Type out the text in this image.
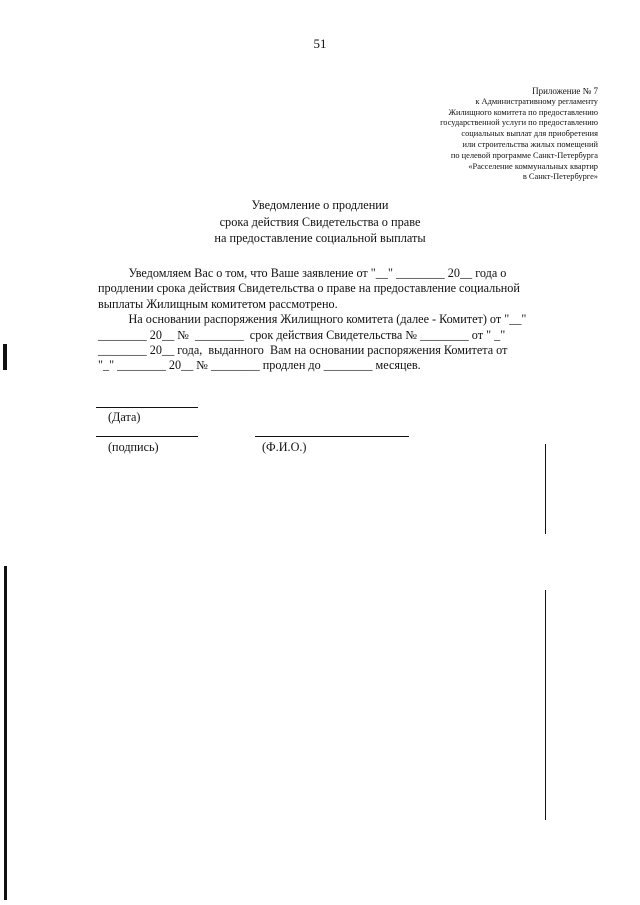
51
Приложение № 7
к Административному регламенту
Жилищного комитета по предоставлению
государственной услуги по предоставлению
социальных выплат для приобретения
или строительства жилых помещений
по целевой программе Санкт-Петербурга
«Расселение коммунальных квартир
в Санкт-Петербурге»
Уведомление о продлении
срока действия Свидетельства о праве
на предоставление социальной выплаты
Уведомляем Вас о том, что Ваше заявление от "__" ________ 20__ года о
продлении срока действия Свидетельства о праве на предоставление социальной
выплаты Жилищным комитетом рассмотрено.
На основании распоряжения Жилищного комитета (далее - Комитет) от "__"
________ 20__ №  ________  срок действия Свидетельства № ________ от " _"
________ 20__ года,  выданного  Вам на основании распоряжения Комитета от
"_" ________ 20__ № ________ продлен до ________ месяцев.
(Дата)
(подпись)	(Ф.И.О.)
